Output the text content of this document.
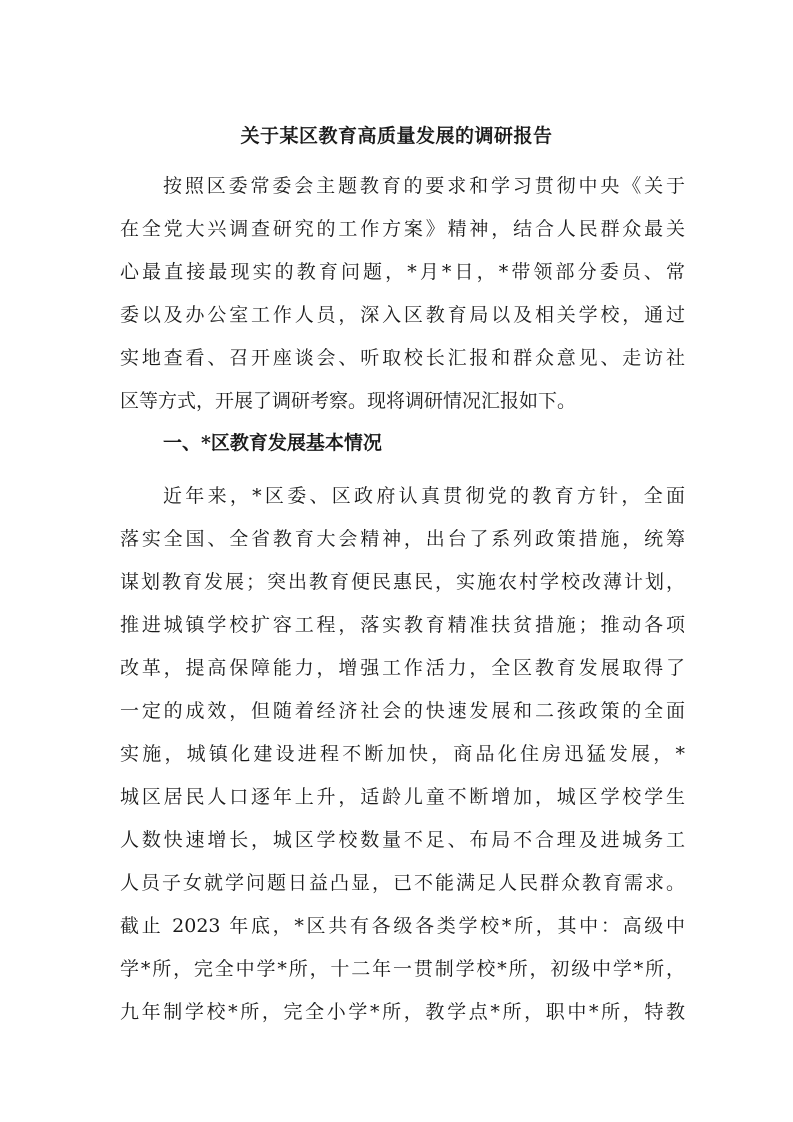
关于某区教育高质量发展的调研报告
按照区委常委会主题教育的要求和学习贯彻中央《关于
在全党大兴调查研究的工作方案》精神，结合人民群众最关
心最直接最现实的教育问题，*月*日，*带领部分委员、常
委以及办公室工作人员，深入区教育局以及相关学校，通过
实地查看、召开座谈会、听取校长汇报和群众意见、走访社
区等方式，开展了调研考察。现将调研情况汇报如下。
一、*区教育发展基本情况
近年来，*区委、区政府认真贯彻党的教育方针，全面
落实全国、全省教育大会精神，出台了系列政策措施，统筹
谋划教育发展；突出教育便民惠民，实施农村学校改薄计划，
推进城镇学校扩容工程，落实教育精准扶贫措施；推动各项
改革，提高保障能力，增强工作活力，全区教育发展取得了
一定的成效，但随着经济社会的快速发展和二孩政策的全面
实施，城镇化建设进程不断加快，商品化住房迅猛发展，*
城区居民人口逐年上升，适龄儿童不断增加，城区学校学生
人数快速增长，城区学校数量不足、布局不合理及进城务工
人员子女就学问题日益凸显，已不能满足人民群众教育需求。
截止 2023 年底，*区共有各级各类学校*所，其中：高级中
学*所，完全中学*所，十二年一贯制学校*所，初级中学*所，
九年制学校*所，完全小学*所，教学点*所，职中*所，特教
